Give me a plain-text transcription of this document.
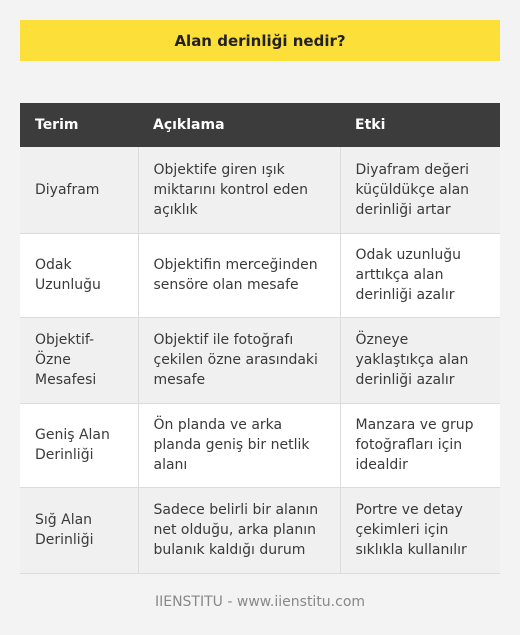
Alan derinliği nedir?
Terim	Açıklama	Etki
Diyafram	Objektife giren ışık miktarını kontrol eden açıklık	Diyafram değeri küçüldükçe alan derinliği artar
Odak Uzunluğu	Objektifin merceğinden sensöre olan mesafe	Odak uzunluğu arttıkça alan derinliği azalır
Objektif-Özne Mesafesi	Objektif ile fotoğrafı çekilen özne arasındaki mesafe	Özneye yaklaştıkça alan derinliği azalır
Geniş Alan Derinliği	Ön planda ve arka planda geniş bir netlik alanı	Manzara ve grup fotoğrafları için idealdir
Sığ Alan Derinliği	Sadece belirli bir alanın net olduğu, arka planın bulanık kaldığı durum	Portre ve detay çekimleri için sıklıkla kullanılır
IIENSTITU - www.iienstitu.com
